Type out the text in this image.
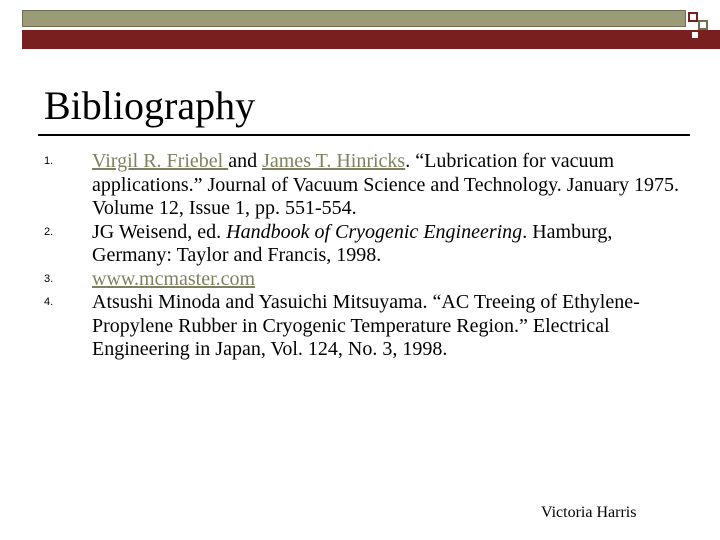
Bibliography
1. Virgil R. Friebel and James T. Hinricks. “Lubrication for vacuum applications.” Journal of Vacuum Science and Technology. January 1975. Volume 12, Issue 1, pp. 551-554.
2. JG Weisend, ed. Handbook of Cryogenic Engineering. Hamburg, Germany: Taylor and Francis, 1998.
3. www.mcmaster.com
4. Atsushi Minoda and Yasuichi Mitsuyama. “AC Treeing of Ethylene-Propylene Rubber in Cryogenic Temperature Region.” Electrical Engineering in Japan, Vol. 124, No. 3, 1998.
Victoria Harris
